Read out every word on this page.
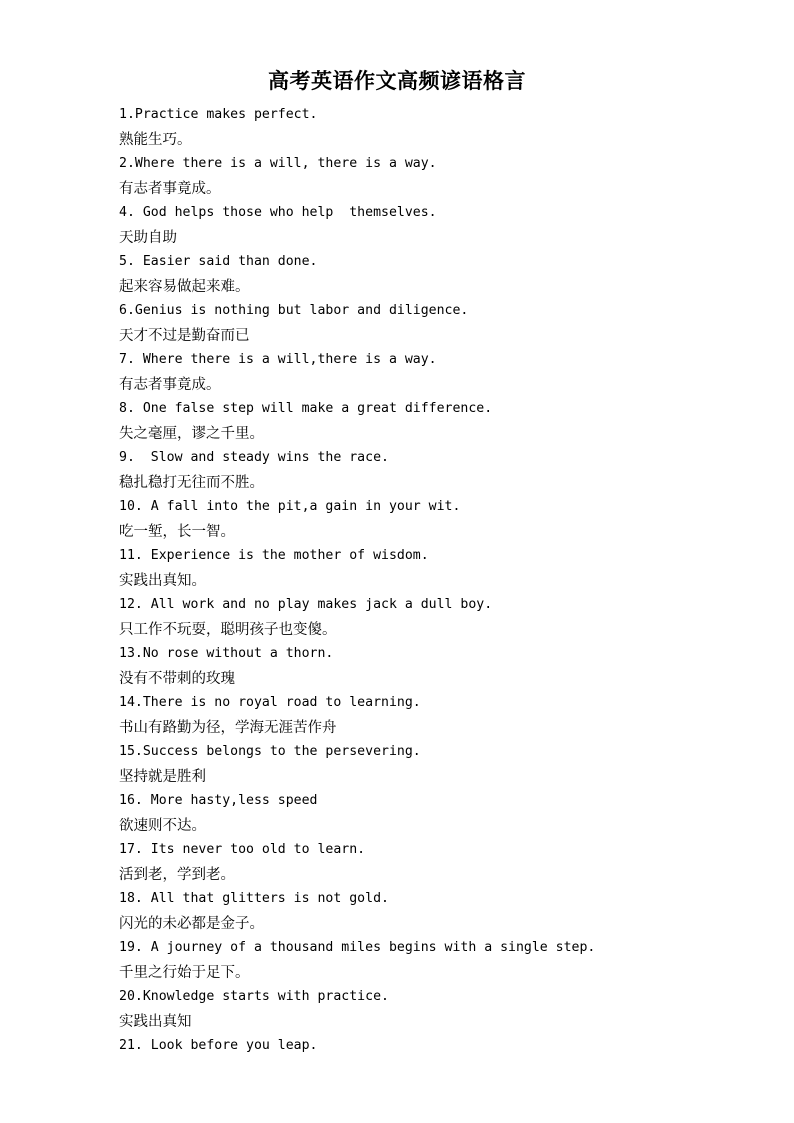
高考英语作文高频谚语格言
1.Practice makes perfect.
熟能生巧。
2.Where there is a will, there is a way.
有志者事竟成。
4. God helps those who help  themselves.
天助自助
5. Easier said than done.
起来容易做起来难。
6.Genius is nothing but labor and diligence.
天才不过是勤奋而已
7. Where there is a will,there is a way.
有志者事竟成。
8. One false step will make a great difference.
失之毫厘，谬之千里。
9.  Slow and steady wins the race.
稳扎稳打无往而不胜。
10. A fall into the pit,a gain in your wit.
吃一堑，长一智。
11. Experience is the mother of wisdom.
实践出真知。
12. All work and no play makes jack a dull boy.
只工作不玩耍，聪明孩子也变傻。
13.No rose without a thorn.
没有不带刺的玫瑰
14.There is no royal road to learning.
书山有路勤为径，学海无涯苦作舟
15.Success belongs to the persevering.
坚持就是胜利
16. More hasty,less speed
欲速则不达。
17. Its never too old to learn.
活到老，学到老。
18. All that glitters is not gold.
闪光的未必都是金子。
19. A journey of a thousand miles begins with a single step.
千里之行始于足下。
20.Knowledge starts with practice.
实践出真知
21. Look before you leap.
